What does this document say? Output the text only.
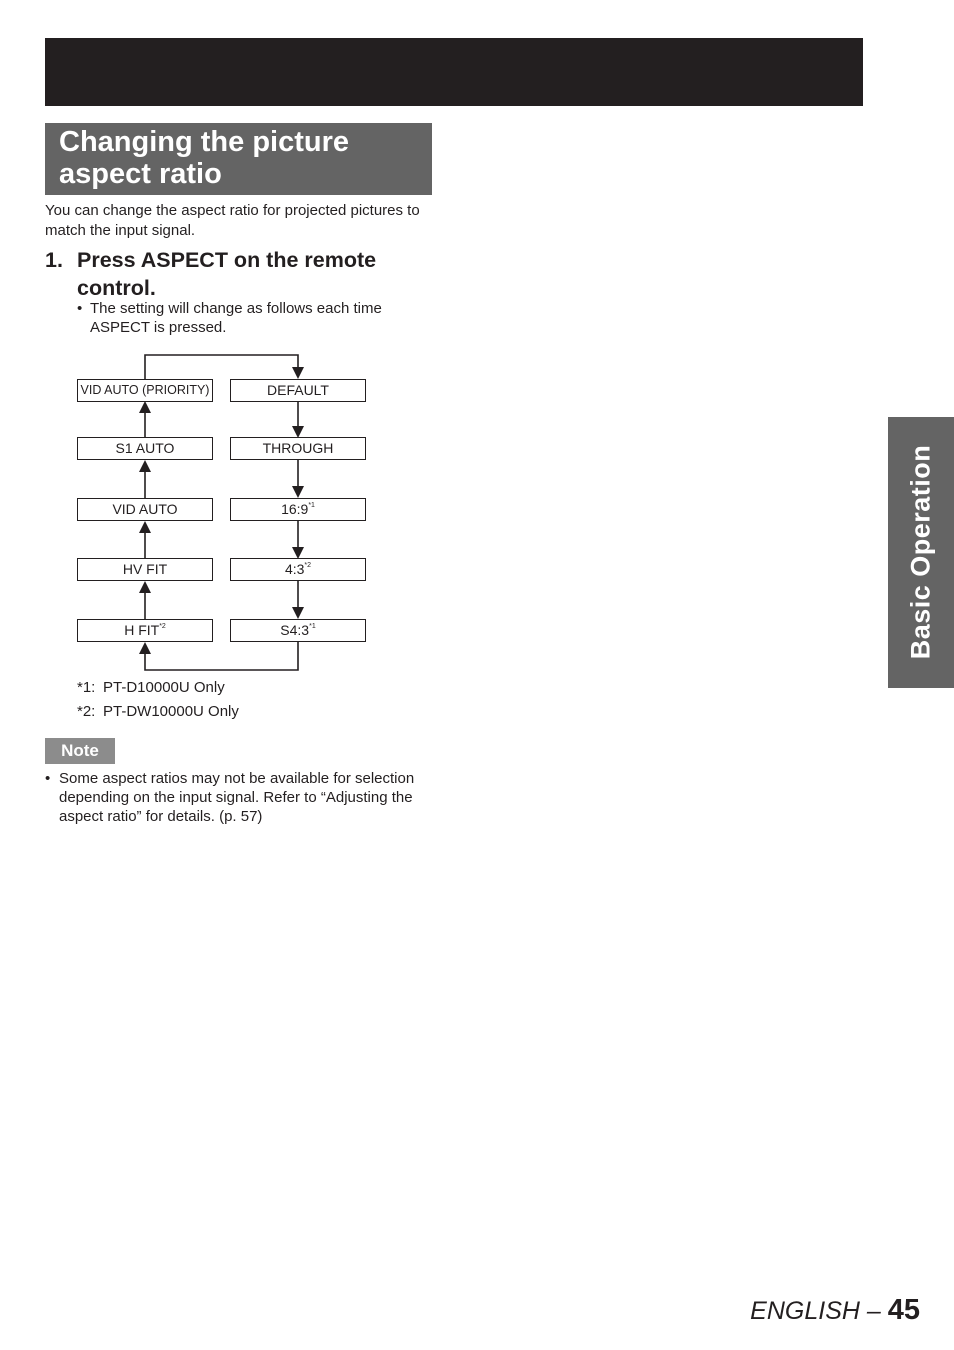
Changing the picture aspect ratio
You can change the aspect ratio for projected pictures to match the input signal.
1. Press ASPECT on the remote control.
• The setting will change as follows each time ASPECT is pressed.
VID AUTO (PRIORITY)
S1 AUTO
VID AUTO
HV FIT
H FIT$^{*2}$
DEFAULT
THROUGH
16:9$^{*1}$
4:3$^{*2}$
S4:3$^{*1}$
*1: PT-D10000U Only
*2: PT-DW10000U Only
Note
• Some aspect ratios may not be available for selection depending on the input signal. Refer to “Adjusting the aspect ratio” for details. (p. 57)
Basic Operation
ENGLISH – 45
